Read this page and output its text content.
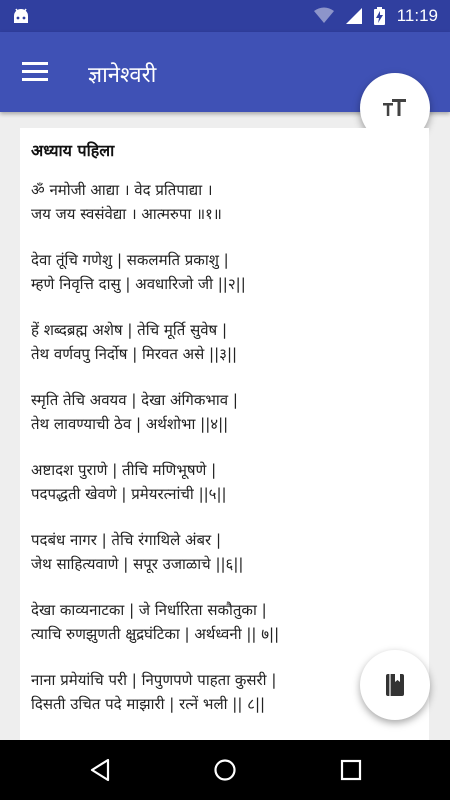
11:19
ज्ञानेश्वरी
अध्याय पहिला
ॐ नमोजी आद्या । वेद प्रतिपाद्या ।
जय जय स्वसंवेद्या । आत्मरुपा ॥१॥
देवा तूंचि गणेशु | सकलमति प्रकाशु |
म्हणे निवृत्ति दासु | अवधारिजो जी ||२||
हें शब्दब्रह्म अशेष | तेचि मूर्ति सुवेष |
तेथ वर्णवपु निर्दोष | मिरवत असे ||३||
स्मृति तेचि अवयव | देखा अंगिकभाव |
तेथ लावण्याची ठेव | अर्थशोभा ||४||
अष्टादश पुराणे | तीचि मणिभूषणे |
पदपद्धती खेवणे | प्रमेयरत्नांची ||५||
पदबंध नागर | तेचि रंगाथिले अंबर |
जेथ साहित्यवाणे | सपूर उजाळाचे ||६||
देखा काव्यनाटका | जे निर्धारिता सकौतुका |
त्याचि रुणझुणती क्षुद्रघंटिका | अर्थध्वनी || ७||
नाना प्रमेयांचि परी | निपुणपणे पाहता कुसरी |
दिसती उचित पदे माझारी | रत्नें भली || ८||
